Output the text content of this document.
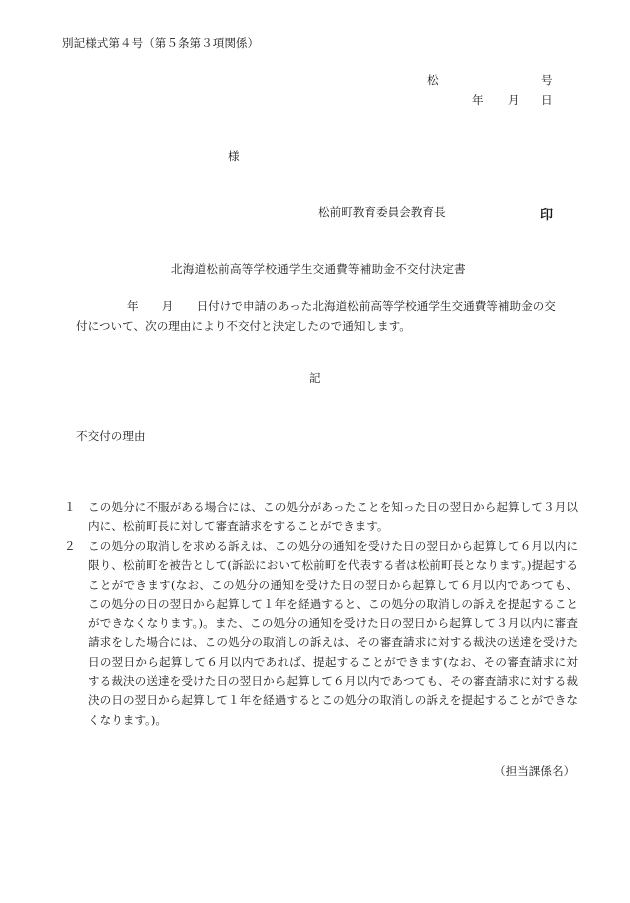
別記様式第４号（第５条第３項関係）
松	号
年 月 日
様
松前町教育委員会教育長	印
北海道松前高等学校通学生交通費等補助金不交付決定書
年　　月　　日付けで申請のあった北海道松前高等学校通学生交通費等補助金の交
付について、次の理由により不交付と決定したので通知します。
記
不交付の理由
１	この処分に不服がある場合には、この処分があったことを知った日の翌日から起算して３月以内に、松前町長に対して審査請求をすることができます。
２	この処分の取消しを求める訴えは、この処分の通知を受けた日の翌日から起算して６月以内に限り、松前町を被告として(訴訟において松前町を代表する者は松前町長となります。)提起することができます(なお、この処分の通知を受けた日の翌日から起算して６月以内であつても、この処分の日の翌日から起算して１年を経過すると、この処分の取消しの訴えを提起することができなくなります。)。また、この処分の通知を受けた日の翌日から起算して３月以内に審査請求をした場合には、この処分の取消しの訴えは、その審査請求に対する裁決の送達を受けた日の翌日から起算して６月以内であれば、提起することができます(なお、その審査請求に対する裁決の送達を受けた日の翌日から起算して６月以内であつても、その審査請求に対する裁決の日の翌日から起算して１年を経過するとこの処分の取消しの訴えを提起することができなくなります。)。
（担当課係名）
